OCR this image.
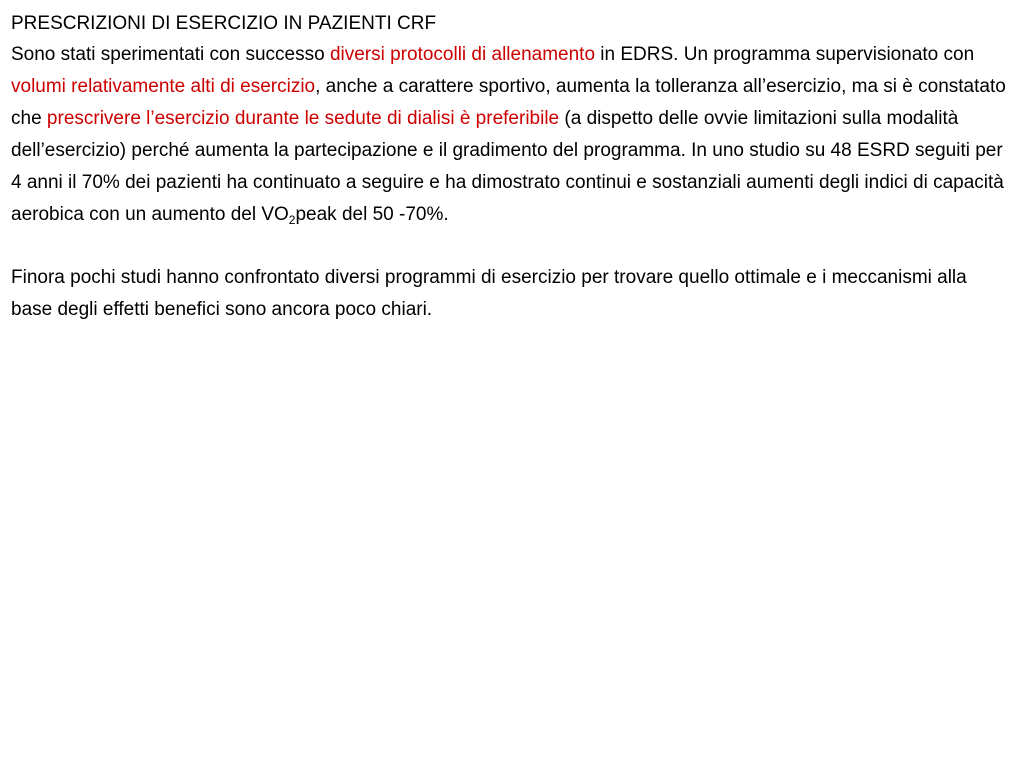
PRESCRIZIONI DI ESERCIZIO IN PAZIENTI CRF

Sono stati sperimentati con successo diversi protocolli di allenamento in EDRS. Un programma supervisionato con volumi relativamente alti di esercizio, anche a carattere sportivo, aumenta la tolleranza all’esercizio, ma si è constatato che prescrivere l’esercizio durante le sedute di dialisi è preferibile (a dispetto delle ovvie limitazioni sulla modalità dell’esercizio) perché aumenta la partecipazione e il gradimento del programma. In uno studio su 48 ESRD seguiti per 4 anni il 70% dei pazienti ha continuato a seguire e ha dimostrato continui e sostanziali aumenti degli indici di capacità aerobica con un aumento del $VO_2peak$ del 50 -70%.

Finora pochi studi hanno confrontato diversi programmi di esercizio per trovare quello ottimale e i meccanismi alla base degli effetti benefici sono ancora poco chiari.
